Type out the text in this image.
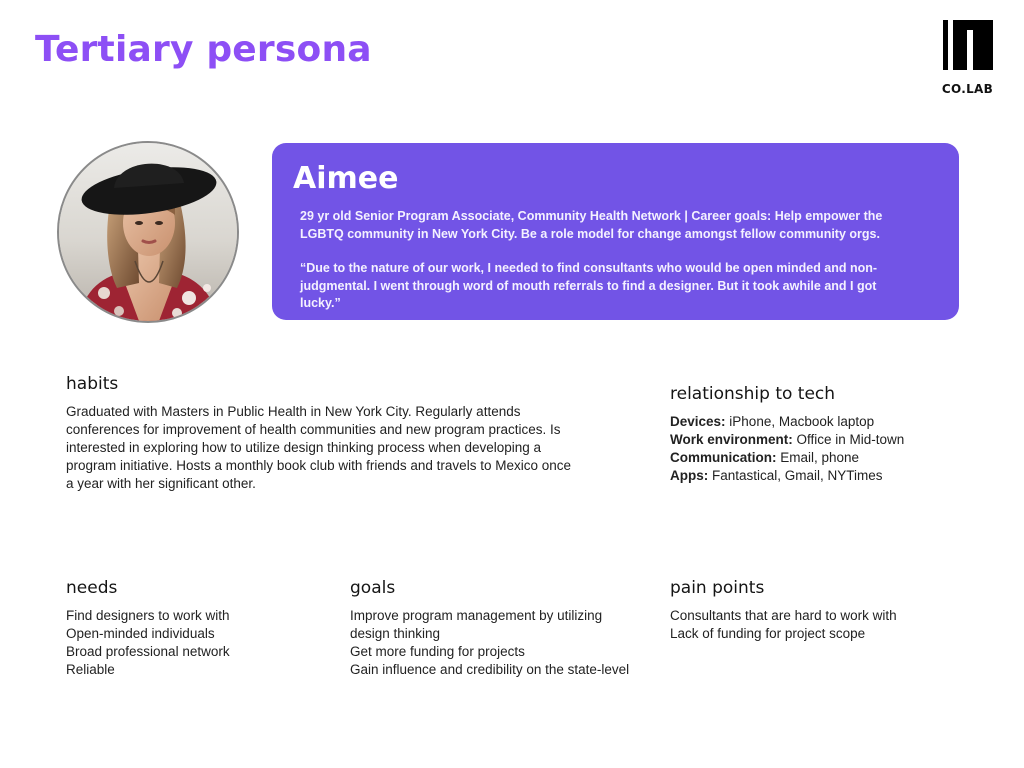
Tertiary persona
CO.LAB
Aimee

29 yr old Senior Program Associate, Community Health Network | Career goals: Help empower the LGBTQ community in New York City. Be a role model for change amongst fellow community orgs.

“Due to the nature of our work, I needed to find consultants who would be open minded and non-judgmental. I went through word of mouth referrals to find a designer. But it took awhile and I got lucky.”

habits
Graduated with Masters in Public Health in New York City. Regularly attends conferences for improvement of health communities and new program practices. Is interested in exploring how to utilize design thinking process when developing a program initiative. Hosts a monthly book club with friends and travels to Mexico once a year with her significant other.
relationship to tech
Devices: iPhone, Macbook laptop
Work environment: Office in Mid-town
Communication: Email, phone
Apps: Fantastical, Gmail, NYTimes
needs
Find designers to work with
Open-minded individuals
Broad professional network
Reliable
goals
Improve program management by utilizing design thinking
Get more funding for projects
Gain influence and credibility on the state-level
pain points
Consultants that are hard to work with
Lack of funding for project scope
